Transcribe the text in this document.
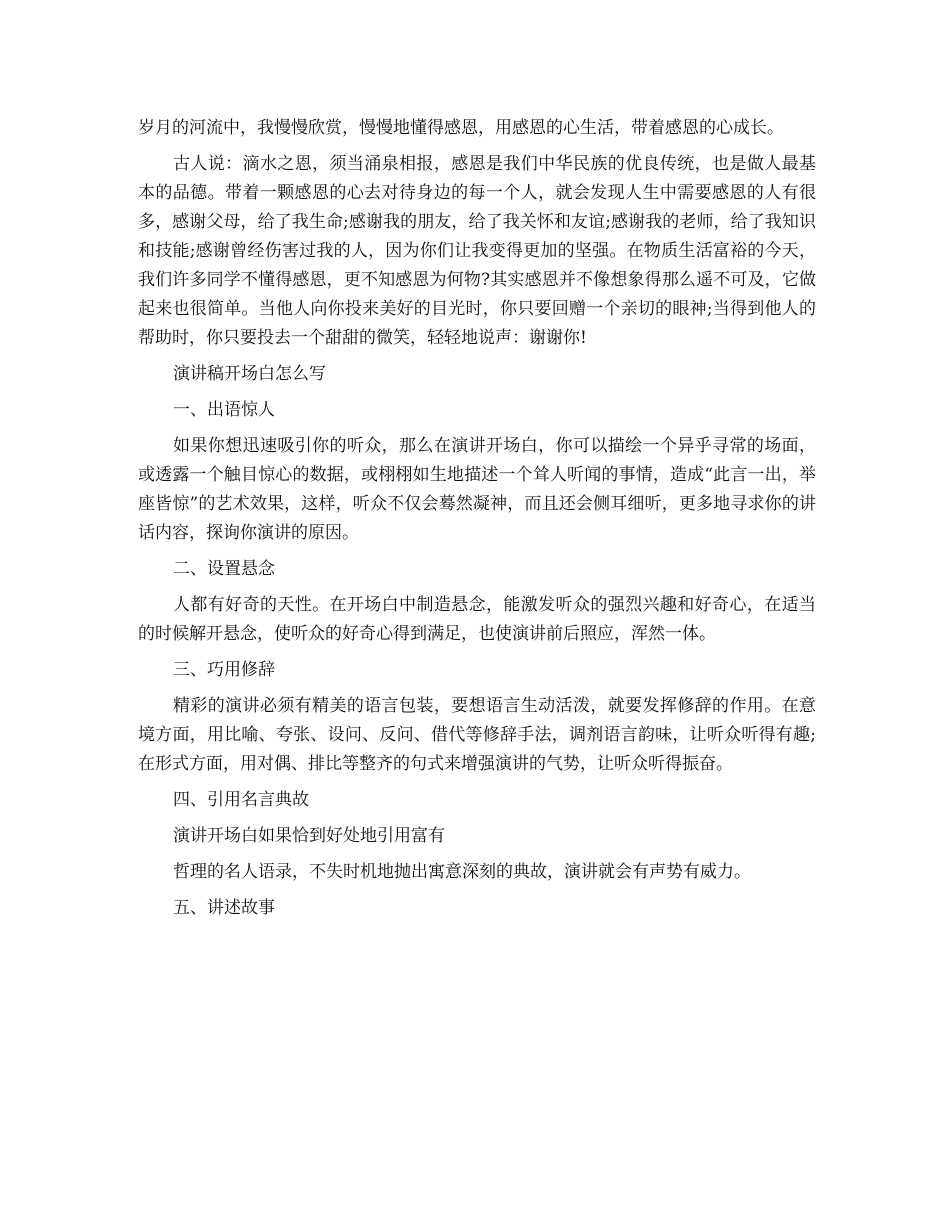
岁月的河流中，我慢慢欣赏，慢慢地懂得感恩，用感恩的心生活，带着感恩的心成长。

古人说：滴水之恩，须当涌泉相报，感恩是我们中华民族的优良传统，也是做人最基本的品德。带着一颗感恩的心去对待身边的每一个人，就会发现人生中需要感恩的人有很多，感谢父母，给了我生命;感谢我的朋友，给了我关怀和友谊;感谢我的老师，给了我知识和技能;感谢曾经伤害过我的人，因为你们让我变得更加的坚强。在物质生活富裕的今天，我们许多同学不懂得感恩，更不知感恩为何物?其实感恩并不像想象得那么遥不可及，它做起来也很简单。当他人向你投来美好的目光时，你只要回赠一个亲切的眼神;当得到他人的帮助时，你只要投去一个甜甜的微笑，轻轻地说声：谢谢你!

演讲稿开场白怎么写

一、出语惊人

如果你想迅速吸引你的听众，那么在演讲开场白，你可以描绘一个异乎寻常的场面，或透露一个触目惊心的数据，或栩栩如生地描述一个耸人听闻的事情，造成“此言一出，举座皆惊”的艺术效果，这样，听众不仅会蓦然凝神，而且还会侧耳细听，更多地寻求你的讲话内容，探询你演讲的原因。

二、设置悬念

人都有好奇的天性。在开场白中制造悬念，能激发听众的强烈兴趣和好奇心，在适当的时候解开悬念，使听众的好奇心得到满足，也使演讲前后照应，浑然一体。

三、巧用修辞

精彩的演讲必须有精美的语言包装，要想语言生动活泼，就要发挥修辞的作用。在意境方面，用比喻、夸张、设问、反问、借代等修辞手法，调剂语言韵味，让听众听得有趣;在形式方面，用对偶、排比等整齐的句式来增强演讲的气势，让听众听得振奋。

四、引用名言典故

演讲开场白如果恰到好处地引用富有

哲理的名人语录，不失时机地抛出寓意深刻的典故，演讲就会有声势有威力。

五、讲述故事
